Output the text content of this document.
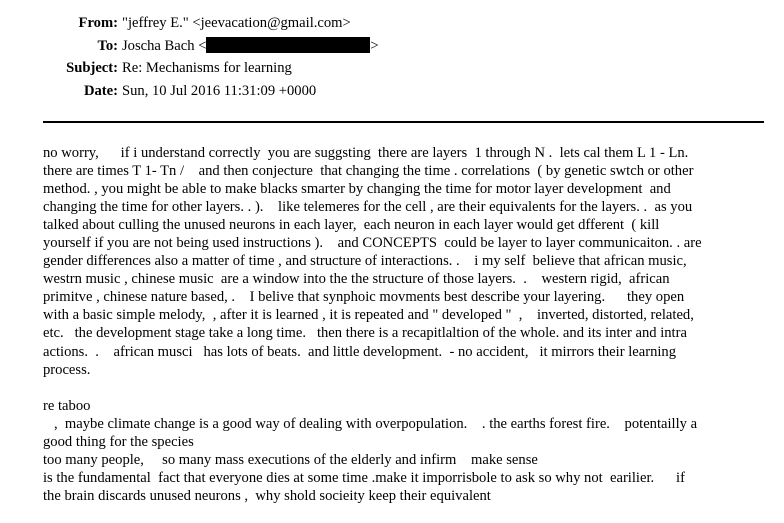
From: "jeffrey E." <jeevacation@gmail.com>
To: Joscha Bach <	>
Subject: Re: Mechanisms for learning
Date: Sun, 10 Jul 2016 11:31:09 +0000
no worry,      if i understand correctly  you are suggsting  there are layers  1 through N .  lets cal them L 1 - Ln.
there are times T 1- Tn /    and then conjecture  that changing the time . correlations  ( by genetic swtch or other
method. , you might be able to make blacks smarter by changing the time for motor layer development  and
changing the time for other layers. . ).    like telemeres for the cell , are their equivalents for the layers. .  as you
talked about culling the unused neurons in each layer,  each neuron in each layer would get dfferent  ( kill
yourself if you are not being used instructions ).    and CONCEPTS  could be layer to layer communicaiton. . are
gender differences also a matter of time , and structure of interactions. .    i my self  believe that african music,
westrn music , chinese music  are a window into the the structure of those layers.  .    western rigid,  african
primitve , chinese nature based, .    I belive that synphoic movments best describe your layering.      they open
with a basic simple melody,  , after it is learned , it is repeated and " developed "  ,    inverted, distorted, related,
etc.   the development stage take a long time.   then there is a recapitlaltion of the whole. and its inter and intra
actions.  .    african musci   has lots of beats.  and little development.  - no accident,   it mirrors their learning
process.
re taboo
,  maybe climate change is a good way of dealing with overpopulation.    . the earths forest fire.    potentailly a
good thing for the species
too many people,     so many mass executions of the elderly and infirm    make sense
is the fundamental  fact that everyone dies at some time .make it imporrisbole to ask so why not  earilier.      if
the brain discards unused neurons ,  why shold socieity keep their equivalent
